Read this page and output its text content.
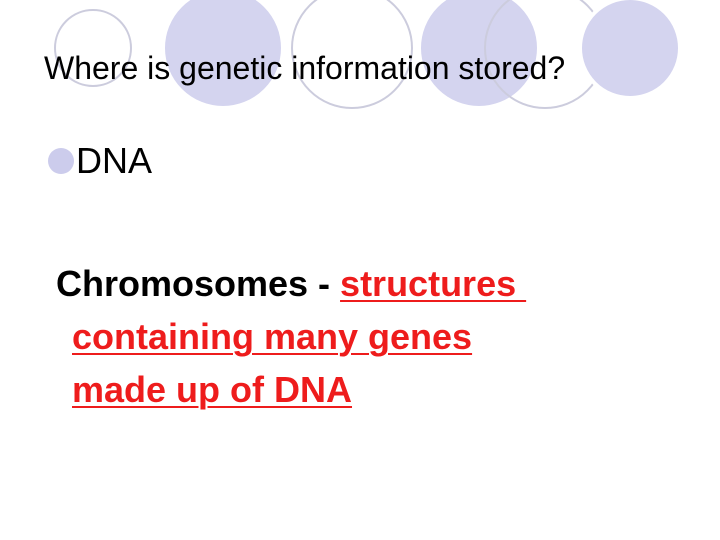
Where is genetic information stored?
DNA
Chromosomes - structures
containing many genes
made up of DNA
